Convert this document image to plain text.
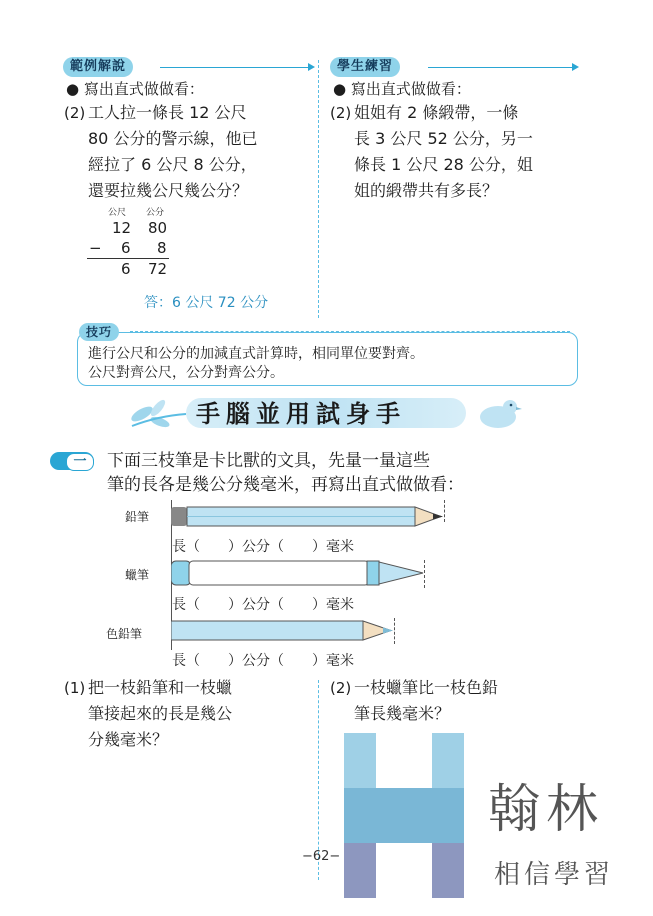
範例解說
● 寫出直式做做看：
(2) 工人拉一條長 12 公尺
80 公分的警示線，他已
經拉了 6 公尺 8 公分，
還要拉幾公尺幾公分？
公尺 公分
12 80
− 6 8
6 72
答：6 公尺 72 公分
學生練習
● 寫出直式做做看：
(2) 姐姐有 2 條緞帶，一條
長 3 公尺 52 公分，另一
條長 1 公尺 28 公分，姐
姐的緞帶共有多長？
技巧
進行公尺和公分的加減直式計算時，相同單位要對齊。
公尺對齊公尺，公分對齊公分。
手腦並用試身手
一	下面三枝筆是卡比獸的文具，先量一量這些
筆的長各是幾公分幾毫米，再寫出直式做做看：
鉛筆
長（　　）公分（　　）毫米
蠟筆
長（　　）公分（　　）毫米
色鉛筆
長（　　）公分（　　）毫米
(1) 把一枝鉛筆和一枝蠟
筆接起來的長是幾公
分幾毫米？
(2) 一枝蠟筆比一枝色鉛
筆長幾毫米？
翰林
相信學習
−62−
